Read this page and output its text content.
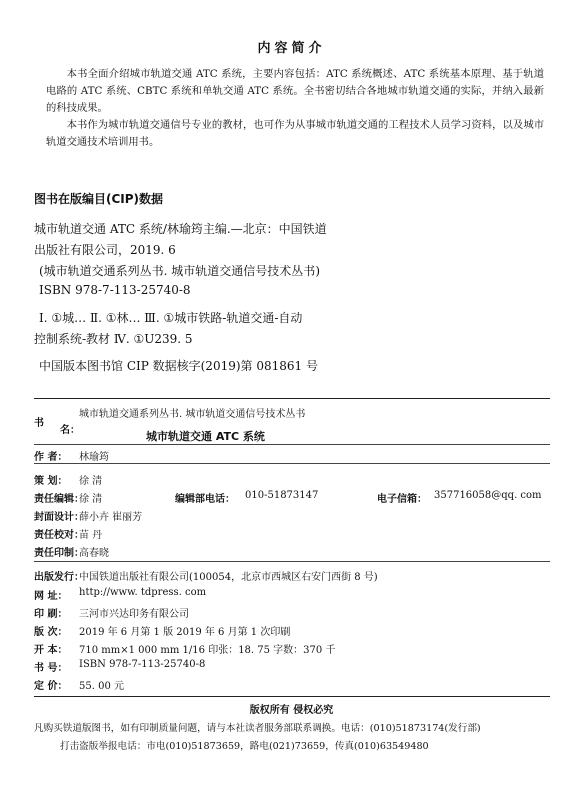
内容简介
本书全面介绍城市轨道交通 ATC 系统，主要内容包括：ATC 系统概述、ATC 系统基本原理、基于轨道电路的 ATC 系统、CBTC 系统和单轨交通 ATC 系统。全书密切结合各地城市轨道交通的实际，并纳入最新的科技成果。
本书作为城市轨道交通信号专业的教材，也可作为从事城市轨道交通的工程技术人员学习资料，以及城市轨道交通技术培训用书。
图书在版编目(CIP)数据
城市轨道交通 ATC 系统/林瑜筠主编.—北京：中国铁道
出版社有限公司，2019. 6
(城市轨道交通系列丛书. 城市轨道交通信号技术丛书)
ISBN 978-7-113-25740-8
Ⅰ. ①城… Ⅱ. ①林… Ⅲ. ①城市铁路-轨道交通-自动
控制系统-教材 Ⅳ. ①U239. 5
中国版本图书馆 CIP 数据核字(2019)第 081861 号
书
名：
城市轨道交通系列丛书. 城市轨道交通信号技术丛书
城市轨道交通 ATC 系统
作 者： 林瑜筠
策 划： 徐 清
责任编辑：
徐 清	编辑部电话： 010-51873147	电子信箱： 357716058@qq. com
封面设计：
薛小卉 崔丽芳
责任校对：
苗 丹
责任印制：
高春晓
出版发行：
中国铁道出版社有限公司(100054，北京市西城区右安门西街 8 号)
网 址： http://www. tdpress. com
印 刷： 三河市兴达印务有限公司
版 次： 2019 年 6 月第 1 版 2019 年 6 月第 1 次印刷
开 本： 710 mm×1 000 mm 1/16 印张：18. 75 字数：370 千
书 号： ISBN 978-7-113-25740-8
定 价： 55. 00 元
版权所有 侵权必究
凡购买铁道版图书，如有印制质量问题，请与本社读者服务部联系调换。电话：(010)51873174(发行部)
打击盗版举报电话：市电(010)51873659，路电(021)73659，传真(010)63549480
